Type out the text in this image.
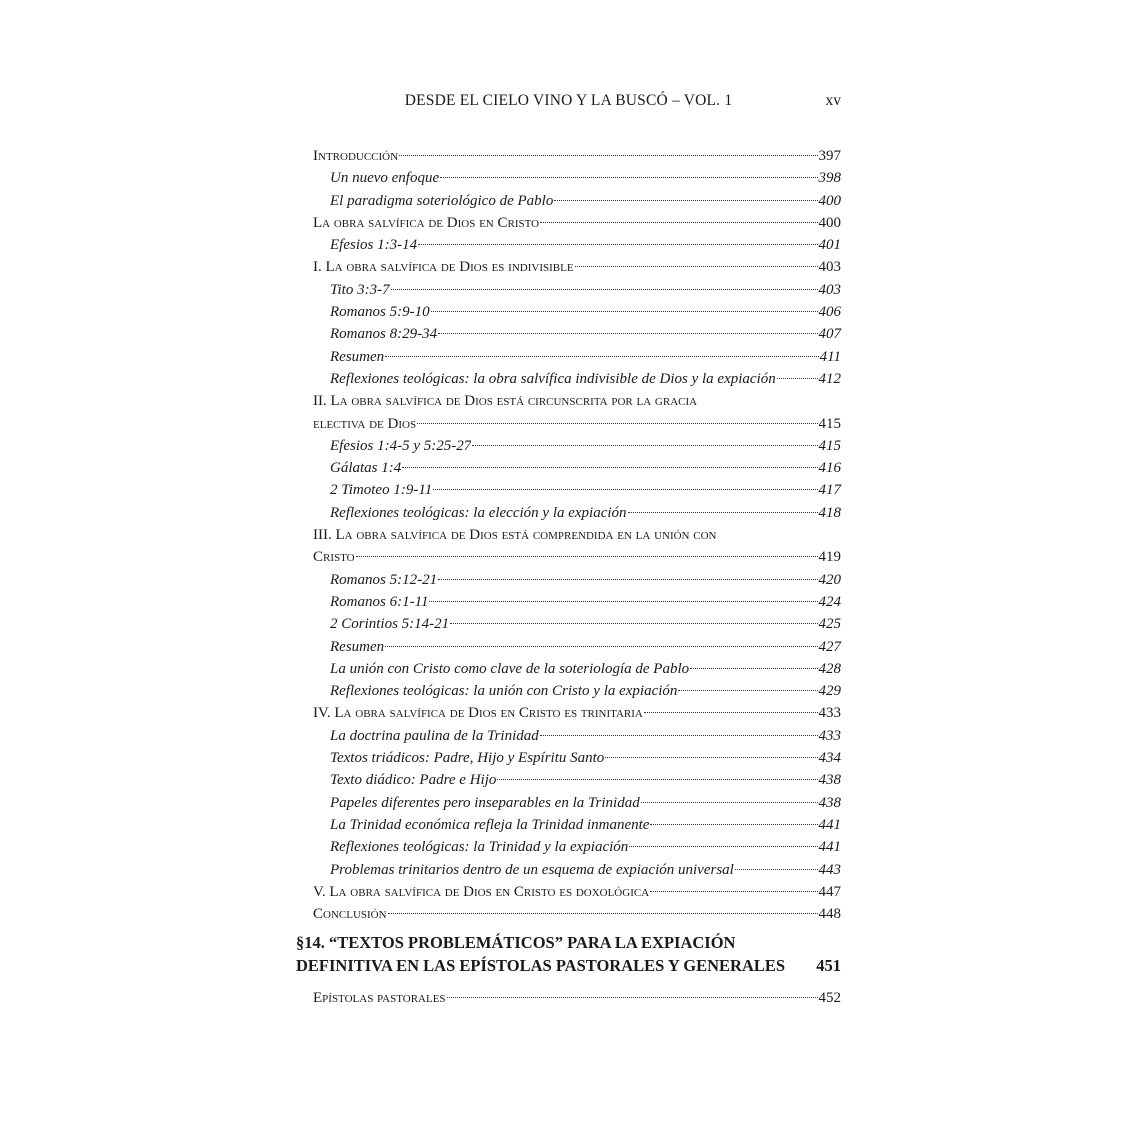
DESDE EL CIELO VINO Y LA BUSCÓ – VOL. 1	xv
Introducción	397
Un nuevo enfoque	398
El paradigma soteriológico de Pablo	400
La obra salvífica de Dios en Cristo	400
Efesios 1:3-14	401
I. La obra salvífica de Dios es indivisible	403
Tito 3:3-7	403
Romanos 5:9-10	406
Romanos 8:29-34	407
Resumen	411
Reflexiones teológicas: la obra salvífica indivisible de Dios y la expiación	412
II. La obra salvífica de Dios está circunscrita por la gracia
electiva de Dios	415
Efesios 1:4-5 y 5:25-27	415
Gálatas 1:4	416
2 Timoteo 1:9-11	417
Reflexiones teológicas: la elección y la expiación	418
III. La obra salvífica de Dios está comprendida en la unión con
Cristo	419
Romanos 5:12-21	420
Romanos 6:1-11	424
2 Corintios 5:14-21	425
Resumen	427
La unión con Cristo como clave de la soteriología de Pablo	428
Reflexiones teológicas: la unión con Cristo y la expiación	429
IV. La obra salvífica de Dios en Cristo es trinitaria	433
La doctrina paulina de la Trinidad	433
Textos triádicos: Padre, Hijo y Espíritu Santo	434
Texto diádico: Padre e Hijo	438
Papeles diferentes pero inseparables en la Trinidad	438
La Trinidad económica refleja la Trinidad inmanente	441
Reflexiones teológicas: la Trinidad y la expiación	441
Problemas trinitarios dentro de un esquema de expiación universal	443
V. La obra salvífica de Dios en Cristo es doxológica	447
Conclusión	448
§14. “TEXTOS PROBLEMÁTICOS” PARA LA EXPIACIÓN
DEFINITIVA EN LAS EPÍSTOLAS PASTORALES Y GENERALES 451
Epístolas pastorales	452
